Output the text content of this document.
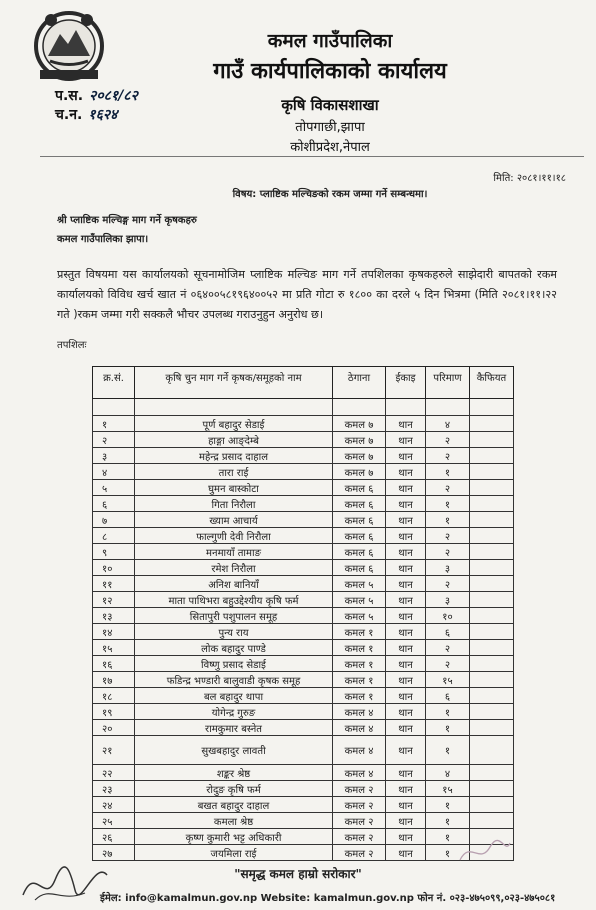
प.स. २०८१/८२
च.न. १६२४
कमल गाउँपालिका
गाउँ कार्यपालिकाको कार्यालय
कृषि विकासशाखा
तोपगाछी,झापा
कोशीप्रदेश,नेपाल
मिति: २०८१।११।१८
विषय: प्लाष्टिक मल्चिङको रकम जम्मा गर्ने सम्बन्धमा।
श्री प्लाष्टिक मल्चिङ्ग माग गर्ने कृषकहरु
कमल गाउँपालिका झापा।
प्रस्तुत विषयमा यस कार्यालयको सूचनामोजिम प्लाष्टिक मल्चिङ माग गर्ने तपशिलका कृषकहरुले साझेदारी बापतको रकम कार्यालयको विविध खर्च खात नं ०६४००५८१९६४००५२ मा प्रति गोटा रु १८०० का दरले ५ दिन भित्रमा (मिति २०८१।११।२२ गते )रकम जम्मा गरी सक्कलै भौचर उपलब्ध गराउनुहुन अनुरोध छ।
तपशिलः
क्र.सं.	कृषि चुन माग गर्ने कृषक/समूहको नाम	ठेगाना	ईकाइ	परिमाण	कैफियत

१	पूर्ण बहादुर सेडाई	कमल ७	थान	४	
२	हाङ्गा आङ्देम्बे	कमल ७	थान	२	
३	महेन्द्र प्रसाद दाहाल	कमल ७	थान	२	
४	तारा राई	कमल ७	थान	१	
५	घुमन बास्कोटा	कमल ६	थान	२	
६	गिता निरौला	कमल ६	थान	१	
७	ख्याम आचार्य	कमल ६	थान	१	
८	फाल्गुणी देवी निरौला	कमल ६	थान	२	
९	मनमायाँ तामाङ	कमल ६	थान	२	
१०	रमेश निरौला	कमल ६	थान	३	
११	अनिश बानियाँ	कमल ५	थान	२	
१२	माता पाथिभरा बहुउद्देश्यीय कृषि फर्म	कमल ५	थान	३	
१३	सितापुरी पशुपालन समूह	कमल ५	थान	१०	
१४	पुन्य राय	कमल १	थान	६	
१५	लोक बहादुर पाण्डे	कमल १	थान	२	
१६	विष्णु प्रसाद सेडाई	कमल १	थान	२	
१७	फडिन्द्र भण्डारी बालुवाडी कृषक समूह	कमल १	थान	१५	
१८	बल बहादुर थापा	कमल १	थान	६	
१९	योगेन्द्र गुरुङ	कमल ४	थान	१	
२०	रामकुमार बस्नेत	कमल ४	थान	१	
२१	सुखबहादुर लावती	कमल ४	थान	१	
२२	शङ्कर श्रेष्ठ	कमल ४	थान	४	
२३	रोदुङ कृषि फर्म	कमल २	थान	१५	
२४	बखत बहादुर दाहाल	कमल २	थान	१	
२५	कमला श्रेष्ठ	कमल २	थान	१	
२६	कृष्ण कुमारी भट्ट अधिकारी	कमल २	थान	१	
२७	जयमिला राई	कमल २	थान	१	
"समृद्ध कमल हाम्रो सरोकार"
ईमेल: info@kamalmun.gov.np Website: kamalmun.gov.np फोन नं. ०२३-४७५०९९,०२३-४७५०८१
